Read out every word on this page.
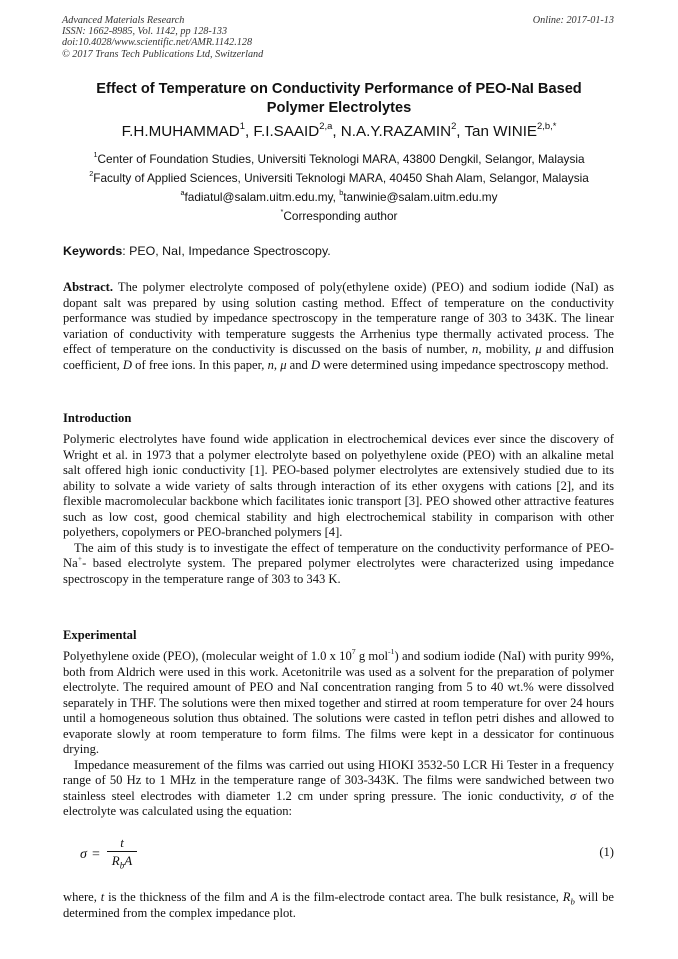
Advanced Materials Research
ISSN: 1662-8985, Vol. 1142, pp 128-133
doi:10.4028/www.scientific.net/AMR.1142.128
© 2017 Trans Tech Publications Ltd, Switzerland
Online: 2017-01-13
Effect of Temperature on Conductivity Performance of PEO-NaI Based
Polymer Electrolytes
F.H.MUHAMMAD$^1$, F.I.SAAID$^{2,a}$, N.A.Y.RAZAMIN$^2$, Tan $WINIE^{2,b,*}$
$^1$Center of Foundation Studies, Universiti Teknologi MARA, 43800 Dengkil, Selangor, Malaysia
$^2$Faculty of Applied Sciences, Universiti Teknologi MARA, 40450 Shah Alam, Selangor, Malaysia
$^a$fadiatul@salam.uitm.edu.my, $^b$tanwinie@salam.uitm.edu.my
*Corresponding author
Keywords: PEO, NaI, Impedance Spectroscopy.
Abstract. The polymer electrolyte composed of poly(ethylene oxide) (PEO) and sodium iodide (NaI) as dopant salt was prepared by using solution casting method. Effect of temperature on the conductivity performance was studied by impedance spectroscopy in the temperature range of 303 to 343K. The linear variation of conductivity with temperature suggests the Arrhenius type thermally activated process. The effect of temperature on the conductivity is discussed on the basis of number, n, mobility, μ and diffusion coefficient, D of free ions. In this paper, n, μ and D were determined using impedance spectroscopy method.
Introduction
Polymeric electrolytes have found wide application in electrochemical devices ever since the discovery of Wright et al. in 1973 that a polymer electrolyte based on polyethylene oxide (PEO) with an alkaline metal salt offered high ionic conductivity [1]. PEO-based polymer electrolytes are extensively studied due to its ability to solvate a wide variety of salts through interaction of its ether oxygens with cations [2], and its flexible macromolecular backbone which facilitates ionic transport [3]. PEO showed other attractive features such as low cost, good chemical stability and high electrochemical stability in comparison with other polyethers, copolymers or PEO-branched polymers [4].
The aim of this study is to investigate the effect of temperature on the conductivity performance of PEO-Na+- based electrolyte system. The prepared polymer electrolytes were characterized using impedance spectroscopy in the temperature range of 303 to 343 K.
Experimental
Polyethylene oxide (PEO), (molecular weight of 1.0 x $10^7$ g mol$^{-1}$) and sodium iodide (NaI) with purity 99%, both from Aldrich were used in this work. Acetonitrile was used as a solvent for the preparation of polymer electrolyte. The required amount of PEO and NaI concentration ranging from 5 to 40 wt.% were dissolved separately in THF. The solutions were then mixed together and stirred at room temperature for over 24 hours until a homogeneous solution thus obtained. The solutions were casted in teflon petri dishes and allowed to evaporate slowly at room temperature to form films. The films were kept in a dessicator for continuous drying.
Impedance measurement of the films was carried out using HIOKI 3532-50 LCR Hi Tester in a frequency range of 50 Hz to 1 MHz in the temperature range of 303-343K. The films were sandwiched between two stainless steel electrodes with diameter 1.2 cm under spring pressure. The ionic conductivity, σ of the electrolyte was calculated using the equation:
σ =
t
$R_bA$
(1)
where, t is the thickness of the film and A is the film-electrode contact area. The bulk resistance, $R_b$ will be determined from the complex impedance plot.
